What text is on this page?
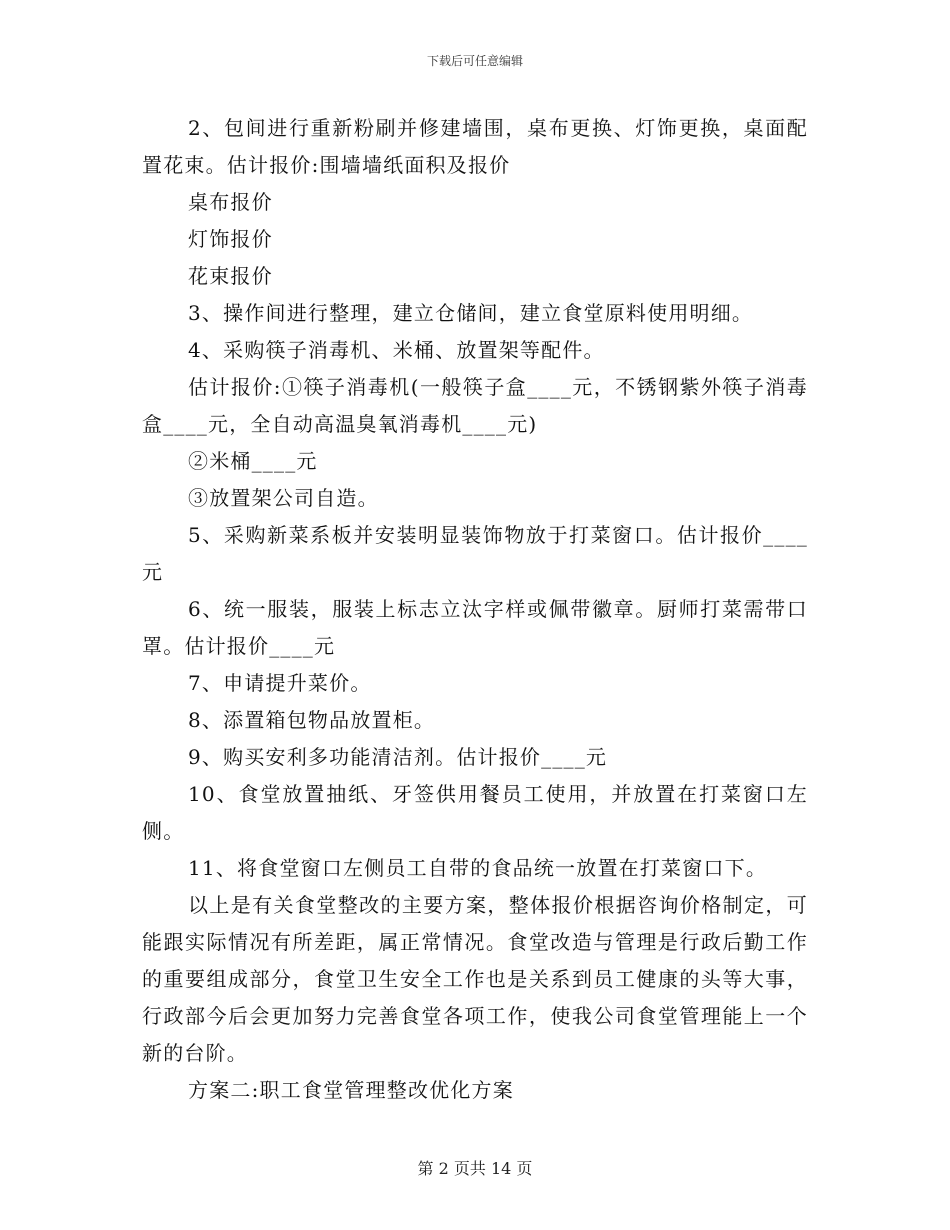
下载后可任意编辑

2、包间进行重新粉刷并修建墙围，桌布更换、灯饰更换，桌面配置花束。估计报价:围墙墙纸面积及报价

桌布报价

灯饰报价

花束报价

3、操作间进行整理，建立仓储间，建立食堂原料使用明细。

4、采购筷子消毒机、米桶、放置架等配件。

估计报价:①筷子消毒机(一般筷子盒____元，不锈钢紫外筷子消毒盒____元，全自动高温臭氧消毒机____元)

②米桶____元

③放置架公司自造。

5、采购新菜系板并安装明显装饰物放于打菜窗口。估计报价____元

6、统一服装，服装上标志立汰字样或佩带徽章。厨师打菜需带口罩。估计报价____元

7、申请提升菜价。

8、添置箱包物品放置柜。

9、购买安利多功能清洁剂。估计报价____元

10、食堂放置抽纸、牙签供用餐员工使用，并放置在打菜窗口左侧。

11、将食堂窗口左侧员工自带的食品统一放置在打菜窗口下。

以上是有关食堂整改的主要方案，整体报价根据咨询价格制定，可能跟实际情况有所差距，属正常情况。食堂改造与管理是行政后勤工作的重要组成部分，食堂卫生安全工作也是关系到员工健康的头等大事，行政部今后会更加努力完善食堂各项工作，使我公司食堂管理能上一个新的台阶。

方案二:职工食堂管理整改优化方案

第 2 页共 14 页
